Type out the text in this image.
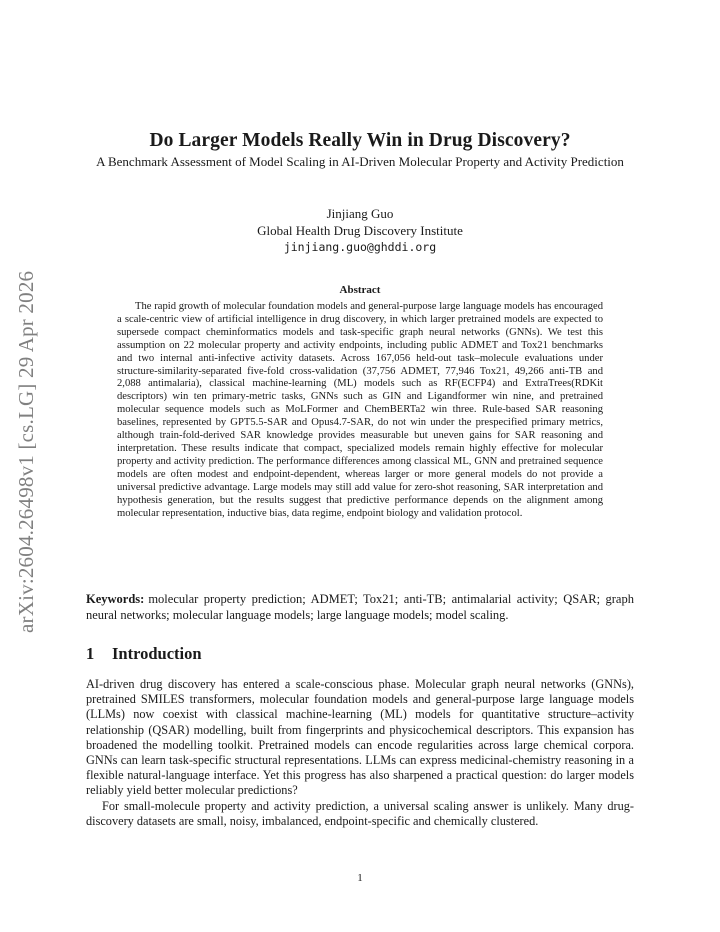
arXiv:2604.26498v1 [cs.LG] 29 Apr 2026
Do Larger Models Really Win in Drug Discovery?
A Benchmark Assessment of Model Scaling in AI-Driven Molecular Property and Activity Prediction
Jinjiang Guo
Global Health Drug Discovery Institute
jinjiang.guo@ghddi.org
Abstract
The rapid growth of molecular foundation models and general-purpose large language models has encouraged a scale-centric view of artificial intelligence in drug discovery, in which larger pretrained models are expected to supersede compact cheminformatics models and task-specific graph neural networks (GNNs). We test this assumption on 22 molecular property and activity endpoints, including public ADMET and Tox21 benchmarks and two internal anti-infective activity datasets. Across 167,056 held-out task–molecule evaluations under structure-similarity-separated five-fold cross-validation (37,756 ADMET, 77,946 Tox21, 49,266 anti-TB and 2,088 antimalaria), classical machine-learning (ML) models such as RF(ECFP4) and ExtraTrees(RDKit descriptors) win ten primary-metric tasks, GNNs such as GIN and Ligandformer win nine, and pretrained molecular sequence models such as MoLFormer and ChemBERTa2 win three. Rule-based SAR reasoning baselines, represented by GPT5.5-SAR and Opus4.7-SAR, do not win under the prespecified primary metrics, although train-fold-derived SAR knowledge provides measurable but uneven gains for SAR reasoning and interpretation. These results indicate that compact, specialized models remain highly effective for molecular property and activity prediction. The performance differences among classical ML, GNN and pretrained sequence models are often modest and endpoint-dependent, whereas larger or more general models do not provide a universal predictive advantage. Large models may still add value for zero-shot reasoning, SAR interpretation and hypothesis generation, but the results suggest that predictive performance depends on the alignment among molecular representation, inductive bias, data regime, endpoint biology and validation protocol.
Keywords: molecular property prediction; ADMET; Tox21; anti-TB; antimalarial activity; QSAR; graph neural networks; molecular language models; large language models; model scaling.
1 Introduction

AI-driven drug discovery has entered a scale-conscious phase. Molecular graph neural networks (GNNs), pretrained SMILES transformers, molecular foundation models and general-purpose large language models (LLMs) now coexist with classical machine-learning (ML) models for quantitative structure–activity relationship (QSAR) modelling, built from fingerprints and physicochemical descriptors. This expansion has broadened the modelling toolkit. Pretrained models can encode regularities across large chemical corpora. GNNs can learn task-specific structural representations. LLMs can express medicinal-chemistry reasoning in a flexible natural-language interface. Yet this progress has also sharpened a practical question: do larger models reliably yield better molecular predictions?

For small-molecule property and activity prediction, a universal scaling answer is unlikely. Many drug-discovery datasets are small, noisy, imbalanced, endpoint-specific and chemically clustered.

1
